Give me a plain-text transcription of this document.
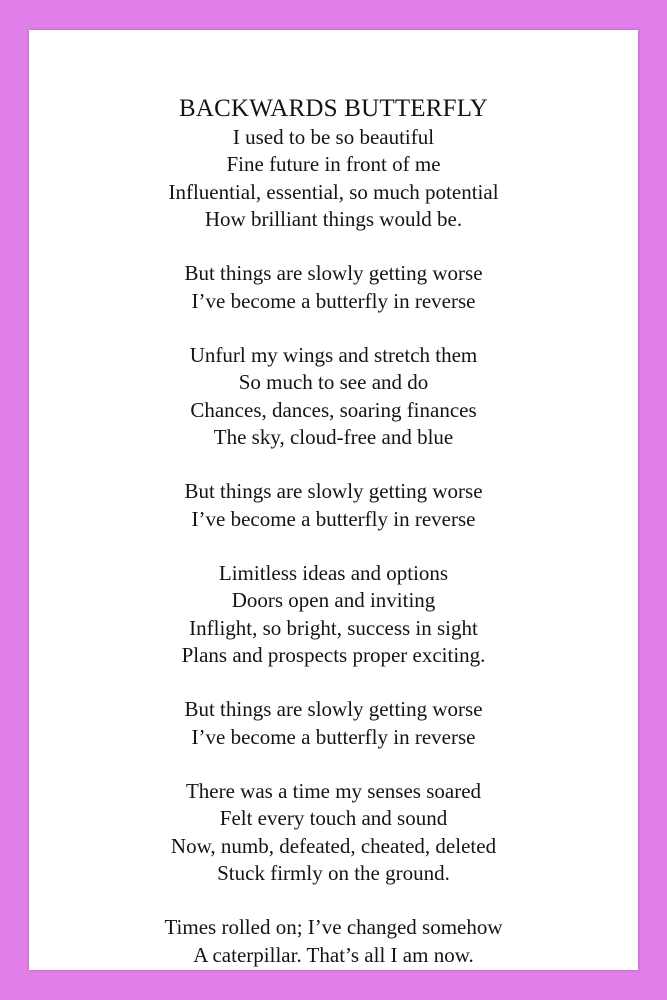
BACKWARDS BUTTERFLY
I used to be so beautiful
Fine future in front of me
Influential, essential, so much potential
How brilliant things would be.
But things are slowly getting worse
I’ve become a butterfly in reverse
Unfurl my wings and stretch them
So much to see and do
Chances, dances, soaring finances
The sky, cloud-free and blue
But things are slowly getting worse
I’ve become a butterfly in reverse
Limitless ideas and options
Doors open and inviting
Inflight, so bright, success in sight
Plans and prospects proper exciting.
But things are slowly getting worse
I’ve become a butterfly in reverse
There was a time my senses soared
Felt every touch and sound
Now, numb, defeated, cheated, deleted
Stuck firmly on the ground.
Times rolled on; I’ve changed somehow
A caterpillar. That’s all I am now.
